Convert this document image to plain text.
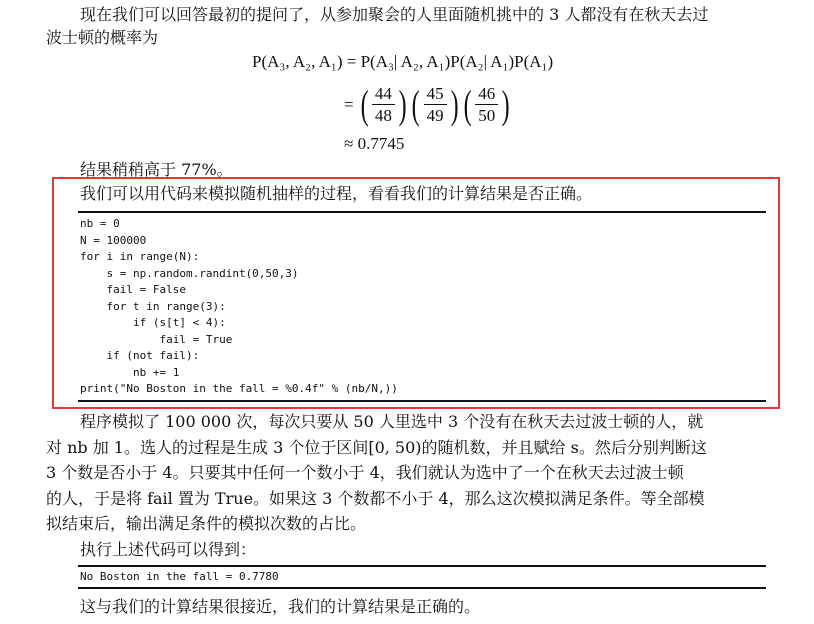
现在我们可以回答最初的提问了，从参加聚会的人里面随机挑中的 3 人都没有在秋天去过
波士顿的概率为
P(A₃, A₂, A₁) = P(A₃| A₂, A₁)P(A₂| A₁)P(A₁)
= ( $\frac{44}{48}$ ) ( $\frac{45}{49}$ ) ( $\frac{46}{50}$ )
≈ 0.7745
结果稍稍高于 77%。
我们可以用代码来模拟随机抽样的过程，看看我们的计算结果是否正确。
nb = 0
N = 100000
for i in range(N):
s = np.random.randint(0,50,3)
fail = False
for t in range(3):
if (s[t] < 4):
fail = True
if (not fail):
nb += 1
print("No Boston in the fall = %0.4f" % (nb/N,))
程序模拟了 100 000 次，每次只要从 50 人里选中 3 个没有在秋天去过波士顿的人，就
对 nb 加 1。选人的过程是生成 3 个位于区间[0, 50)的随机数，并且赋给 s。然后分别判断这
3 个数是否小于 4。只要其中任何一个数小于 4，我们就认为选中了一个在秋天去过波士顿
的人，于是将 fail 置为 True。如果这 3 个数都不小于 4，那么这次模拟满足条件。等全部模
拟结束后，输出满足条件的模拟次数的占比。
执行上述代码可以得到：
No Boston in the fall = 0.7780
这与我们的计算结果很接近，我们的计算结果是正确的。
